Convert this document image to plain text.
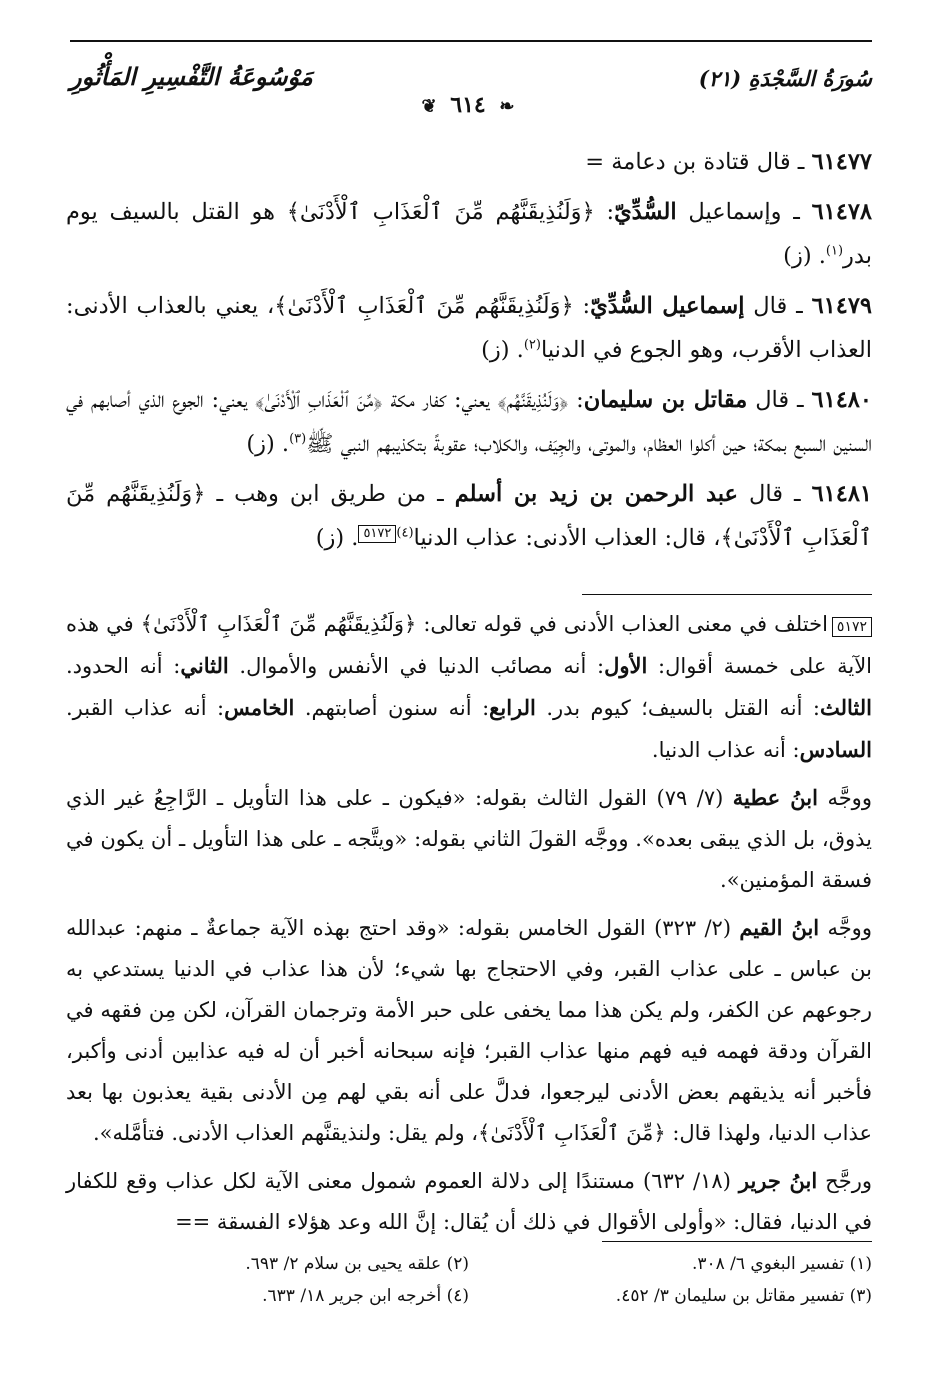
سُورَةُ السَّجْدَةِ (٢١)
مَوْسُوعَةُ التَّفْسِيرِ المَأْثُورِ
❦ ٦١٤ ❧

٦١٤٧٧ ـ قال قتادة بن دعامة =

٦١٤٧٨ ـ وإسماعيل السُّدِّيّ: ﴿وَلَنُذِيقَنَّهُم مِّنَ ٱلْعَذَابِ ٱلْأَدْنَىٰ﴾ هو القتل بالسيف يوم بدر$^{(١)}$. (ز)

٦١٤٧٩ ـ قال إسماعيل السُّدِّيّ: ﴿وَلَنُذِيقَنَّهُم مِّنَ ٱلْعَذَابِ ٱلْأَدْنَىٰ﴾، يعني بالعذاب الأدنى: العذاب الأقرب، وهو الجوع في الدنيا$^{(٢)}$. (ز)

٦١٤٨٠ ـ قال مقاتل بن سليمان: ﴿وَلَنُذِيقَنَّهُم﴾ يعني: كفار مكة ﴿مِّنَ ٱلْعَذَابِ ٱلْأَدْنَىٰ﴾ يعني: الجوع الذي أصابهم في السنين السبع بمكة؛ حين أكلوا العظام، والموتى، والجِيَف، والكلاب؛ عقوبةً بتكذيبهم النبي ﷺ$^{(٣)}$. (ز)

٦١٤٨١ ـ قال عبد الرحمن بن زيد بن أسلم ـ من طريق ابن وهب ـ ﴿وَلَنُذِيقَنَّهُم مِّنَ ٱلْعَذَابِ ٱلْأَدْنَىٰ﴾، قال: العذاب الأدنى: عذاب الدنيا$^{(٤)}$٥١٧٢. (ز)

٥١٧٢اختلف في معنى العذاب الأدنى في قوله تعالى: ﴿وَلَنُذِيقَنَّهُم مِّنَ ٱلْعَذَابِ ٱلْأَدْنَىٰ﴾ في هذه الآية على خمسة أقوال: الأول: أنه مصائب الدنيا في الأنفس والأموال. الثاني: أنه الحدود. الثالث: أنه القتل بالسيف؛ كيوم بدر. الرابع: أنه سنون أصابتهم. الخامس: أنه عذاب القبر. السادس: أنه عذاب الدنيا.

ووجَّه ابنُ عطية (٧/ ٧٩) القول الثالث بقوله: «فيكون ـ على هذا التأويل ـ الرَّاجِعُ غير الذي يذوق، بل الذي يبقى بعده». ووجَّه القولَ الثاني بقوله: «ويتَّجه ـ على هذا التأويل ـ أن يكون في فسقة المؤمنين».

ووجَّه ابنُ القيم (٢/ ٣٢٣) القول الخامس بقوله: «وقد احتج بهذه الآية جماعةٌ ـ منهم: عبدالله بن عباس ـ على عذاب القبر، وفي الاحتجاج بها شيء؛ لأن هذا عذاب في الدنيا يستدعي به رجوعهم عن الكفر، ولم يكن هذا مما يخفى على حبر الأمة وترجمان القرآن، لكن مِن فقهه في القرآن ودقة فهمه فيه فهم منها عذاب القبر؛ فإنه سبحانه أخبر أن له فيه عذابين أدنى وأكبر، فأخبر أنه يذيقهم بعض الأدنى ليرجعوا، فدلَّ على أنه بقي لهم مِن الأدنى بقية يعذبون بها بعد عذاب الدنيا، ولهذا قال: ﴿مِّنَ ٱلْعَذَابِ ٱلْأَدْنَىٰ﴾، ولم يقل: ولنذيقنَّهم العذاب الأدنى. فتأمَّله».

ورجَّح ابنُ جرير (١٨/ ٦٣٢) مستندًا إلى دلالة العموم شمول معنى الآية لكل عذاب وقع للكفار في الدنيا، فقال: «وأولى الأقوال في ذلك أن يُقال: إنَّ الله وعد هؤلاء الفسقة ==

(١) تفسير البغوي ٦/ ٣٠٨.
(٢) علقه يحيى بن سلام ٢/ ٦٩٣.
(٣) تفسير مقاتل بن سليمان ٣/ ٤٥٢.
(٤) أخرجه ابن جرير ١٨/ ٦٣٣.
